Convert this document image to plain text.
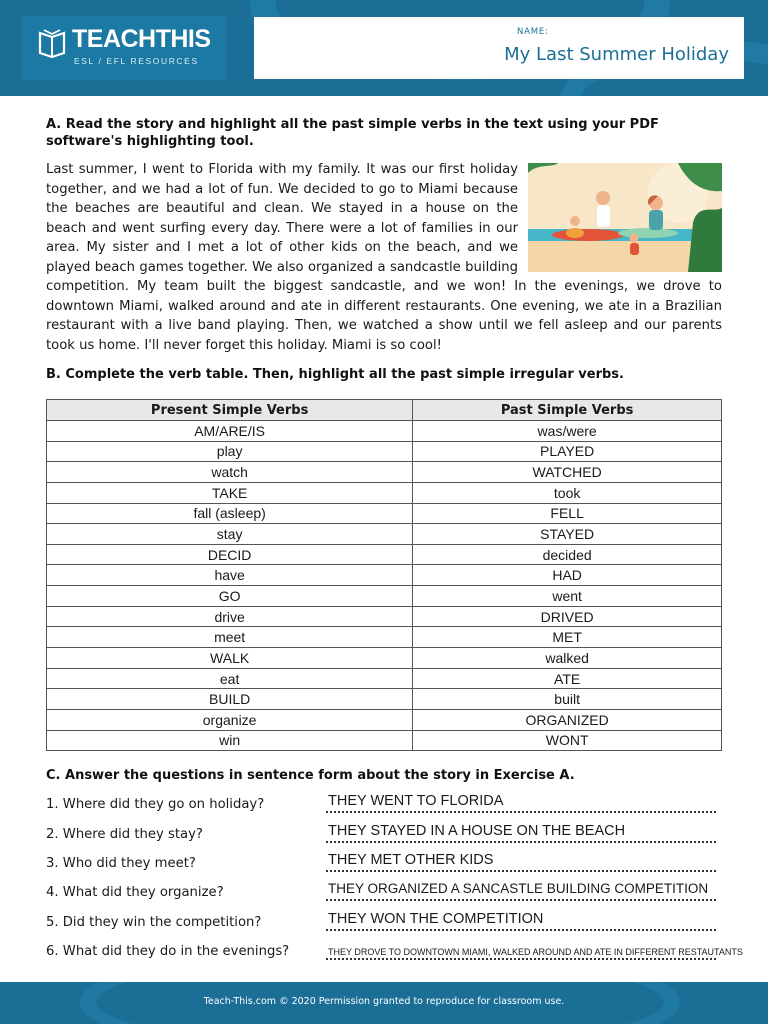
TEACHTHIS
ESL / EFL RESOURCES
NAME:
My Last Summer Holiday
A. Read the story and highlight all the past simple verbs in the text using your PDF software's highlighting tool.
Last summer, I went to Florida with my family. It was our first holiday together, and we had a lot of fun. We decided to go to Miami because the beaches are beautiful and clean. We stayed in a house on the beach and went surfing every day. There were a lot of families in our area. My sister and I met a lot of other kids on the beach, and we played beach games together. We also organized a sandcastle building competition. My team built the biggest sandcastle, and we won! In the evenings, we drove to downtown Miami, walked around and ate in different restaurants. One evening, we ate in a Brazilian restaurant with a live band playing. Then, we watched a show until we fell asleep and our parents took us home. I'll never forget this holiday. Miami is so cool!
B. Complete the verb table. Then, highlight all the past simple irregular verbs.
Present Simple Verbs	Past Simple Verbs
AM/ARE/IS	was/were
play	PLAYED
watch	WATCHED
TAKE	took
fall (asleep)	FELL
stay	STAYED
DECID	decided
have	HAD
GO	went
drive	DRIVED
meet	MET
WALK	walked
eat	ATE
BUILD	built
organize	ORGANIZED
win	WONT
C. Answer the questions in sentence form about the story in Exercise A.
1. Where did they go on holiday?	THEY WENT TO FLORIDA
2. Where did they stay?	THEY STAYED IN A HOUSE ON THE BEACH
3. Who did they meet?	THEY MET OTHER KIDS
4. What did they organize?	THEY ORGANIZED A SANCASTLE BUILDING COMPETITION
5. Did they win the competition?	THEY WON THE COMPETITION
6. What did they do in the evenings?	THEY DROVE TO DOWNTOWN MIAMI, WALKED AROUND AND ATE IN DIFFERENT RESTAUTANTS
Teach-This.com © 2020 Permission granted to reproduce for classroom use.
